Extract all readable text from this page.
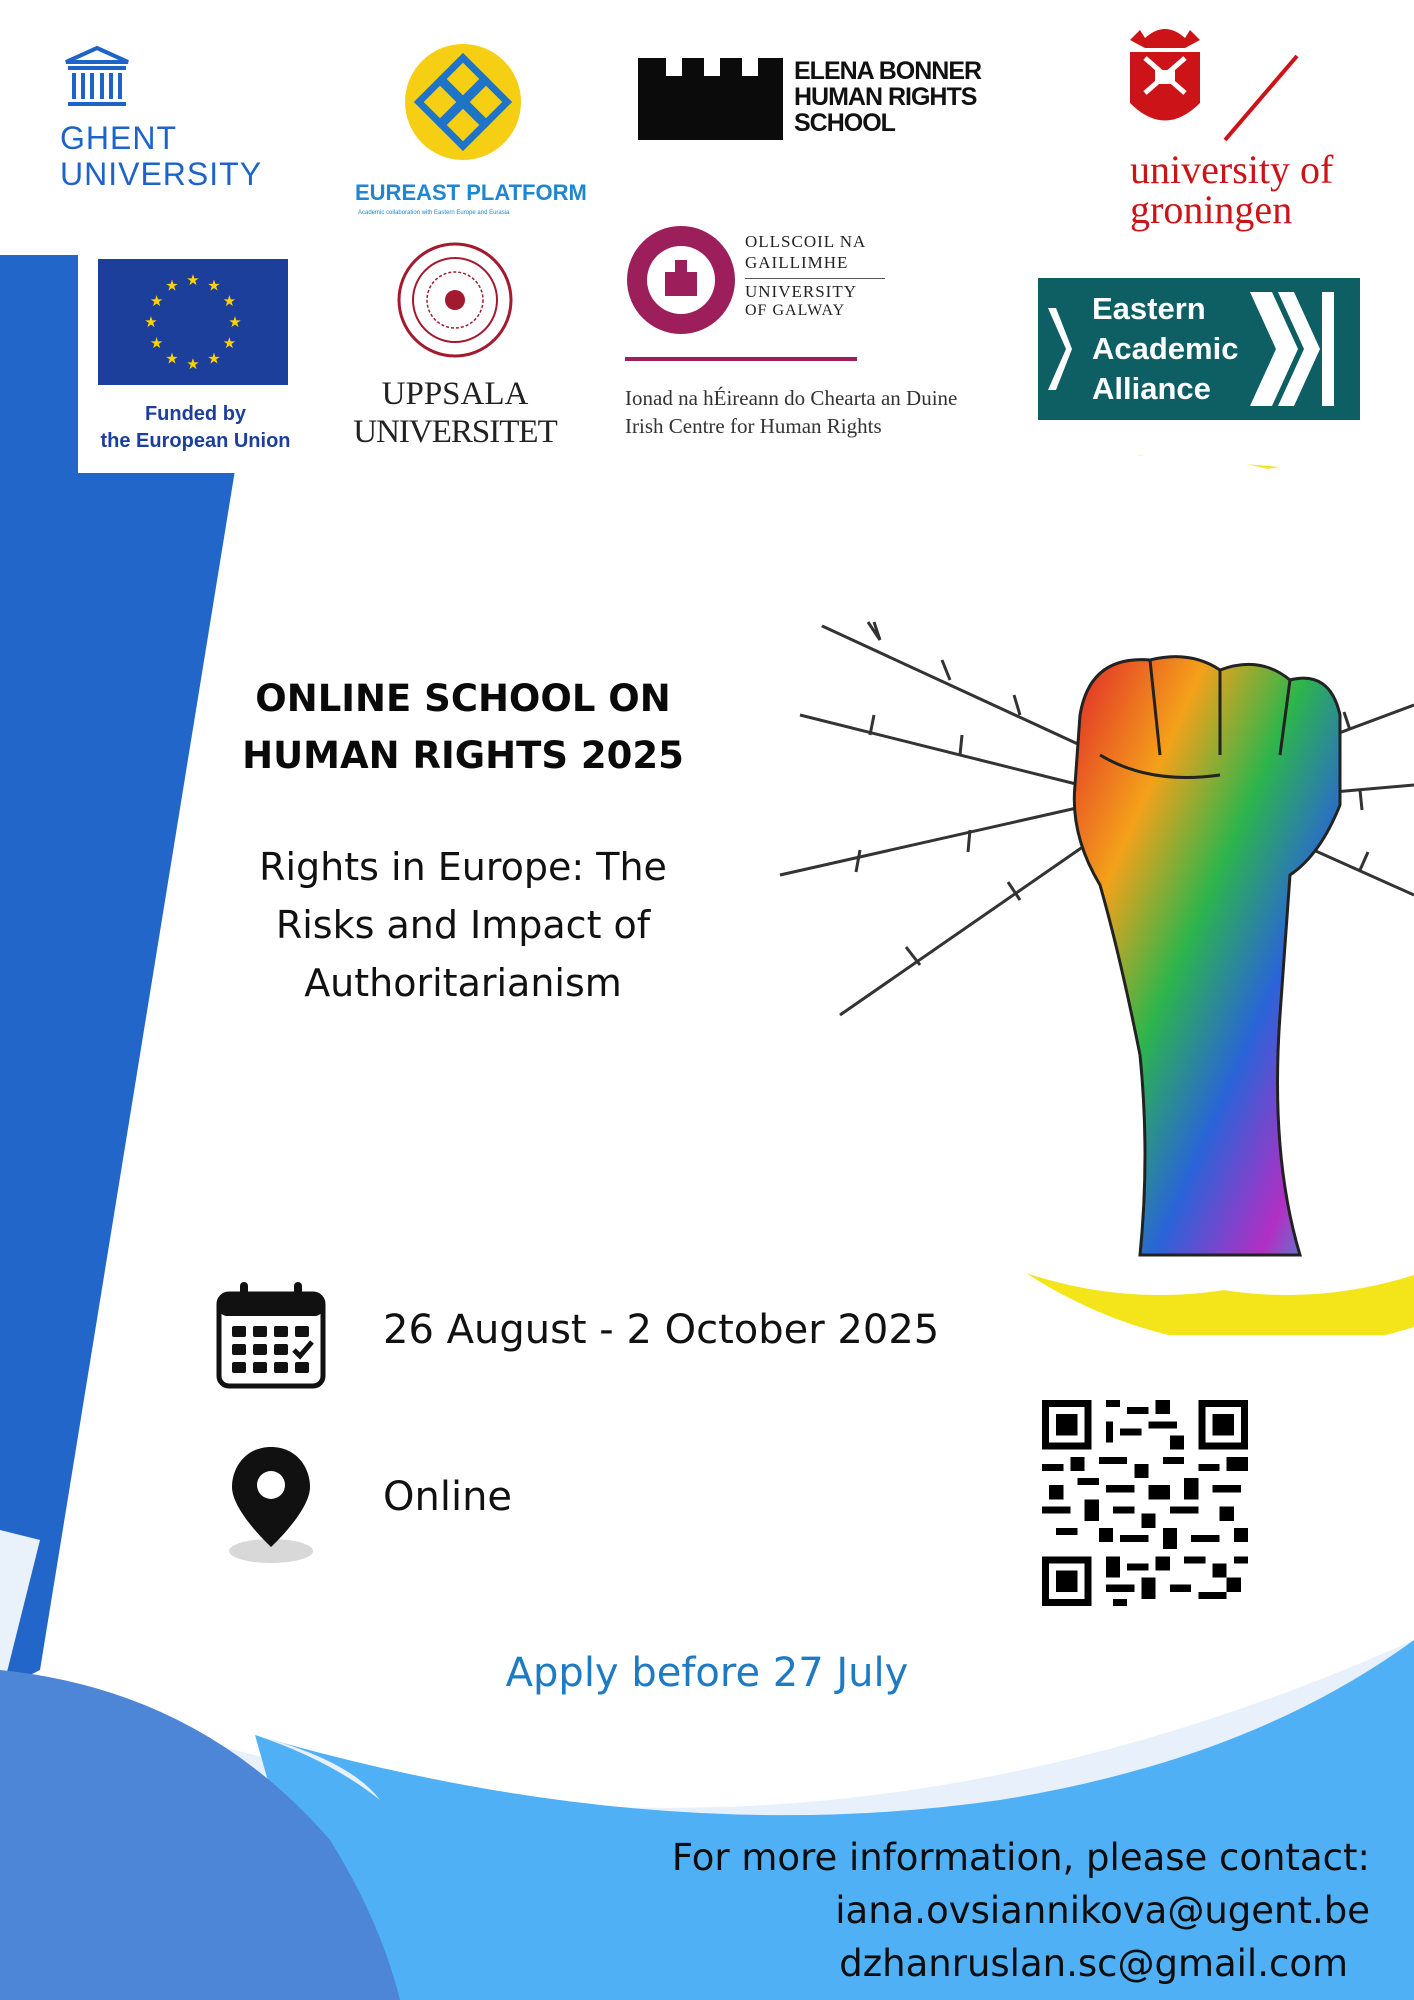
GHENT
UNIVERSITY
EUREAST PLATFORM
Academic collaboration with Eastern Europe and Eurasia
ELENA BONNER
HUMAN RIGHTS
SCHOOL
university of
groningen
★ ★
★
★
★
★
★
★
★
★
★
★
Funded by
the European Union
UPPSALA
UNIVERSITET
OLLSCOIL NA
GAILLIMHE
UNIVERSITY
OF GALWAY
Ionad na hÉireann do Chearta an Duine
Irish Centre for Human Rights
Eastern
Academic
Alliance
ONLINE SCHOOL ON
HUMAN RIGHTS 2025
Rights in Europe: The
Risks and Impact of
Authoritarianism
26 August - 2 October 2025
Online
Apply before 27 July
For more information, please contact:
iana.ovsiannikova@ugent.be
dzhanruslan.sc@gmail.com
